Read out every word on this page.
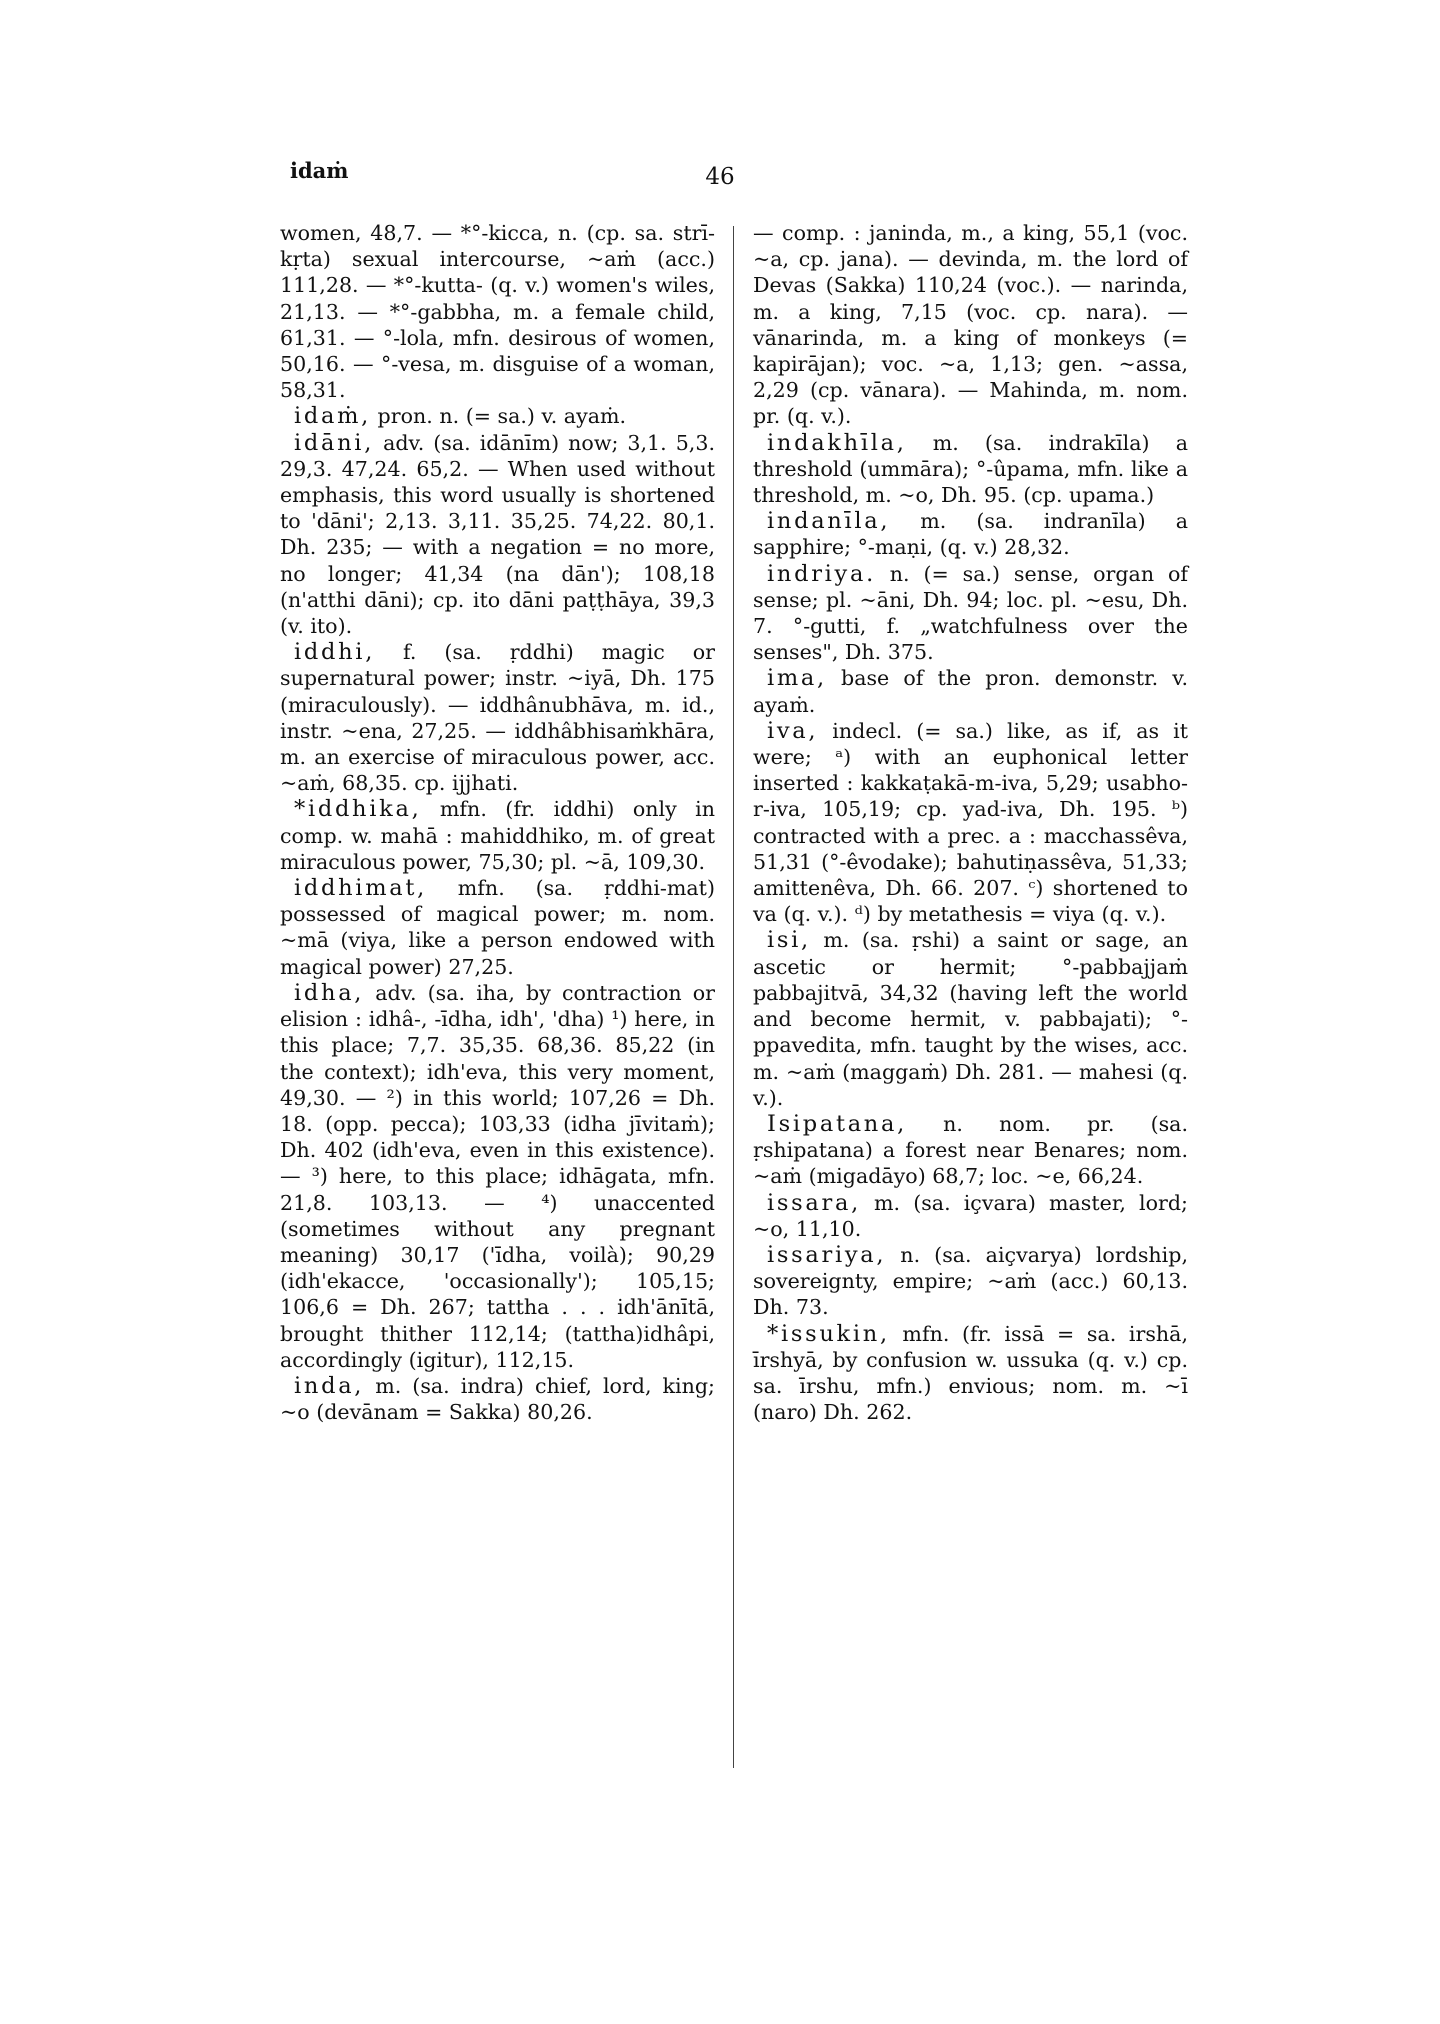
idaṁ	46

women, 48,7. — *°-kicca, n. (cp. sa. strī-kṛta) sexual intercourse, ~aṁ (acc.) 111,28. — *°-kutta- (q. v.) women's wiles, 21,13. — *°-gabbha, m. a female child, 61,31. — °-lola, mfn. desirous of women, 50,16. — °-vesa, m. disguise of a woman, 58,31.

idaṁ, pron. n. (= sa.) v. ayaṁ.

idāni, adv. (sa. idānīm) now; 3,1. 5,3. 29,3. 47,24. 65,2. — When used without emphasis, this word usually is shortened to 'dāni'; 2,13. 3,11. 35,25. 74,22. 80,1. Dh. 235; — with a negation = no more, no longer; 41,34 (na dān'); 108,18 (n'atthi dāni); cp. ito dāni paṭṭhāya, 39,3 (v. ito).

iddhi, f. (sa. ṛddhi) magic or supernatural power; instr. ~iyā, Dh. 175 (miraculously). — iddhânubhāva, m. id., instr. ~ena, 27,25. — iddhâbhisaṁkhāra, m. an exercise of miraculous power, acc. ~aṁ, 68,35. cp. ijjhati.

*iddhika, mfn. (fr. iddhi) only in comp. w. mahā : mahiddhiko, m. of great miraculous power, 75,30; pl. ~ā, 109,30.

iddhimat, mfn. (sa. ṛddhi-mat) possessed of magical power; m. nom. ~mā (viya, like a person endowed with magical power) 27,25.

idha, adv. (sa. iha, by contraction or elision : idhâ-, -īdha, idh', 'dha) ¹) here, in this place; 7,7. 35,35. 68,36. 85,22 (in the context); idh'eva, this very moment, 49,30. — ²) in this world; 107,26 = Dh. 18. (opp. pecca); 103,33 (idha jīvitaṁ); Dh. 402 (idh'eva, even in this existence). — ³) here, to this place; idhāgata, mfn. 21,8. 103,13. — ⁴) unaccented (sometimes without any pregnant meaning) 30,17 ('īdha, voilà); 90,29 (idh'ekacce, 'occasionally'); 105,15; 106,6 = Dh. 267; tattha . . . idh'ānītā, brought thither 112,14; (tattha)idhâpi, accordingly (igitur), 112,15.

inda, m. (sa. indra) chief, lord, king; ~o (devānam = Sakka) 80,26.

— comp. : janinda, m., a king, 55,1 (voc. ~a, cp. jana). — devinda, m. the lord of Devas (Sakka) 110,24 (voc.). — narinda, m. a king, 7,15 (voc. cp. nara). — vānarinda, m. a king of monkeys (= kapirājan); voc. ~a, 1,13; gen. ~assa, 2,29 (cp. vānara). — Mahinda, m. nom. pr. (q. v.).

indakhīla, m. (sa. indrakīla) a threshold (ummāra); °-ûpama, mfn. like a threshold, m. ~o, Dh. 95. (cp. upama.)

indanīla, m. (sa. indranīla) a sapphire; °-maṇi, (q. v.) 28,32.

indriya. n. (= sa.) sense, organ of sense; pl. ~āni, Dh. 94; loc. pl. ~esu, Dh. 7. °-gutti, f. „watchfulness over the senses", Dh. 375.

ima, base of the pron. demonstr. v. ayaṁ.

iva, indecl. (= sa.) like, as if, as it were; ᵃ) with an euphonical letter inserted : kakkaṭakā-m-iva, 5,29; usabho-r-iva, 105,19; cp. yad-iva, Dh. 195. ᵇ) contracted with a prec. a : macchassêva, 51,31 (°-êvodake); bahutiṇassêva, 51,33; amittenêva, Dh. 66. 207. ᶜ) shortened to va (q. v.). ᵈ) by metathesis = viya (q. v.).

isi, m. (sa. ṛshi) a saint or sage, an ascetic or hermit; °-pabbajjaṁ pabbajitvā, 34,32 (having left the world and become hermit, v. pabbajati); °-ppavedita, mfn. taught by the wises, acc. m. ~aṁ (maggaṁ) Dh. 281. — mahesi (q. v.).

Isipatana, n. nom. pr. (sa. ṛshipatana) a forest near Benares; nom. ~aṁ (migadāyo) 68,7; loc. ~e, 66,24.

issara, m. (sa. içvara) master, lord; ~o, 11,10.

issariya, n. (sa. aiçvarya) lordship, sovereignty, empire; ~aṁ (acc.) 60,13. Dh. 73.

*issukin, mfn. (fr. issā = sa. irshā, īrshyā, by confusion w. ussuka (q. v.) cp. sa. īrshu, mfn.) envious; nom. m. ~ī (naro) Dh. 262.
